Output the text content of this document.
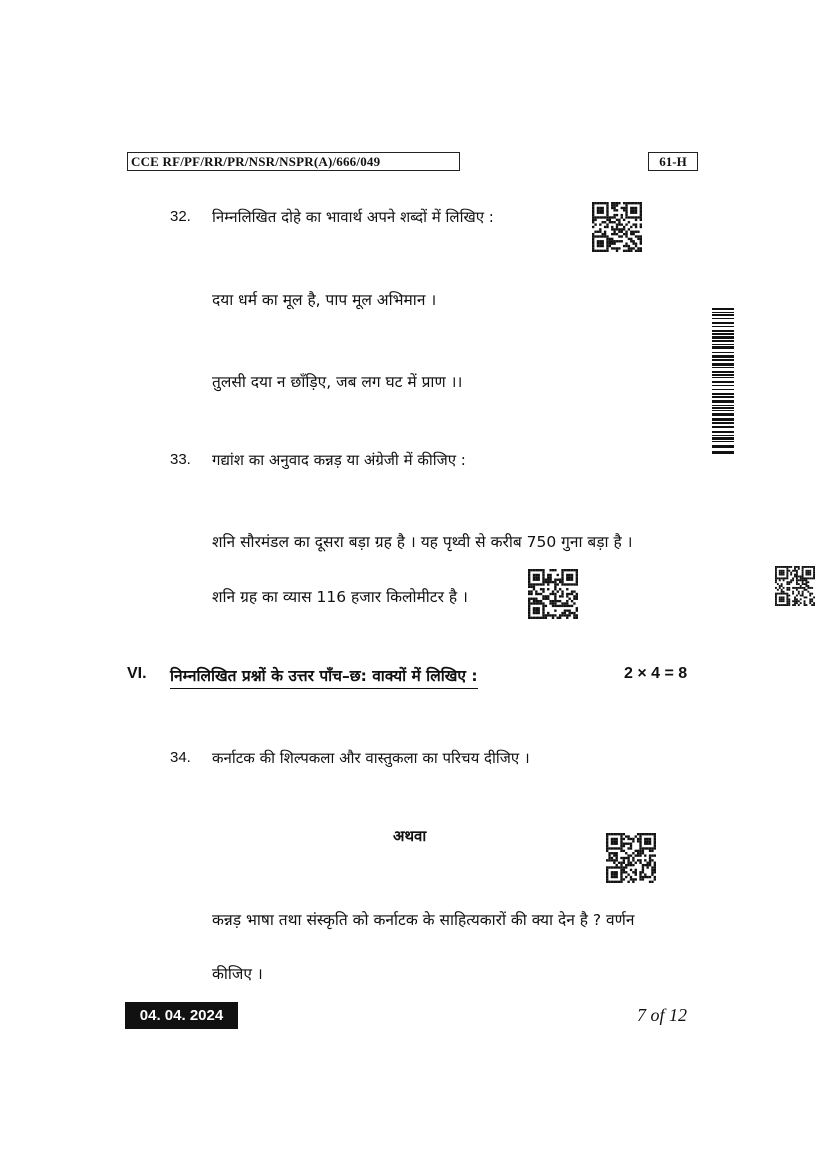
CCE RF/PF/RR/PR/NSR/NSPR(A)/666/049	61-H
32. निम्नलिखित दोहे का भावार्थ अपने शब्दों में लिखिए :
दया धर्म का मूल है, पाप मूल अभिमान ।
तुलसी दया न छाँड़िए, जब लग घट में प्राण ।।
33. गद्यांश का अनुवाद कन्नड़ या अंग्रेजी में कीजिए :
शनि सौरमंडल का दूसरा बड़ा ग्रह है । यह पृथ्वी से करीब 750 गुना बड़ा है ।
शनि ग्रह का व्यास 116 हजार किलोमीटर है ।
VI. निम्नलिखित प्रश्नों के उत्तर पाँच–छ: वाक्यों में लिखिए :	2 × 4 = 8
34. कर्नाटक की शिल्पकला और वास्तुकला का परिचय दीजिए ।
अथवा
कन्नड़ भाषा तथा संस्कृति को कर्नाटक के साहित्यकारों की क्या देन है ? वर्णन
कीजिए ।
04. 04. 2024	7 of 12
